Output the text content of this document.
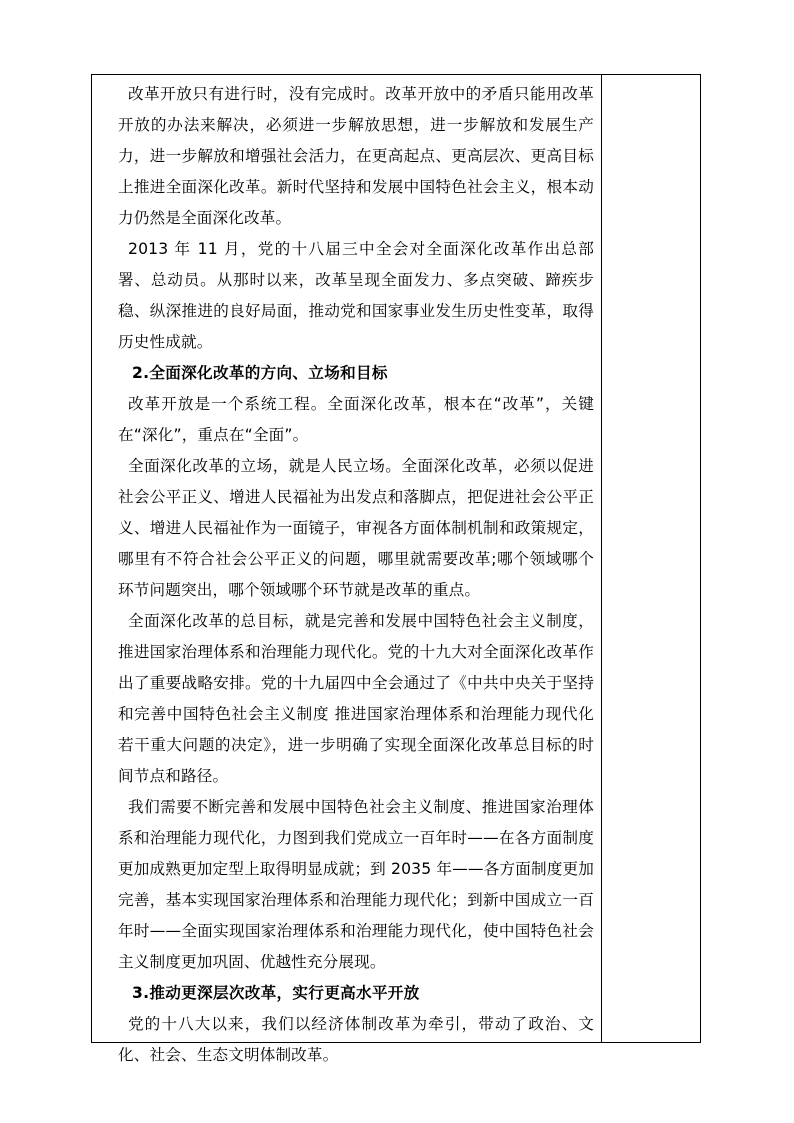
改革开放只有进行时，没有完成时。改革开放中的矛盾只能用改革开放的办法来解决，必须进一步解放思想，进一步解放和发展生产力，进一步解放和增强社会活力，在更高起点、更高层次、更高目标上推进全面深化改革。新时代坚持和发展中国特色社会主义，根本动力仍然是全面深化改革。

2013 年 11 月，党的十八届三中全会对全面深化改革作出总部署、总动员。从那时以来，改革呈现全面发力、多点突破、蹄疾步稳、纵深推进的良好局面，推动党和国家事业发生历史性变革，取得历史性成就。

2.全面深化改革的方向、立场和目标

改革开放是一个系统工程。全面深化改革，根本在“改革”，关键在“深化”，重点在“全面”。

全面深化改革的立场，就是人民立场。全面深化改革，必须以促进社会公平正义、增进人民福祉为出发点和落脚点，把促进社会公平正义、增进人民福祉作为一面镜子，审视各方面体制机制和政策规定，哪里有不符合社会公平正义的问题，哪里就需要改革;哪个领域哪个环节问题突出，哪个领域哪个环节就是改革的重点。

全面深化改革的总目标，就是完善和发展中国特色社会主义制度，推进国家治理体系和治理能力现代化。党的十九大对全面深化改革作出了重要战略安排。党的十九届四中全会通过了《中共中央关于坚持和完善中国特色社会主义制度 推进国家治理体系和治理能力现代化若干重大问题的决定》，进一步明确了实现全面深化改革总目标的时间节点和路径。

我们需要不断完善和发展中国特色社会主义制度、推进国家治理体系和治理能力现代化，力图到我们党成立一百年时——在各方面制度更加成熟更加定型上取得明显成就；到 2035 年——各方面制度更加完善，基本实现国家治理体系和治理能力现代化；到新中国成立一百年时——全面实现国家治理体系和治理能力现代化，使中国特色社会主义制度更加巩固、优越性充分展现。

3.推动更深层次改革，实行更高水平开放

党的十八大以来，我们以经济体制改革为牵引，带动了政治、文化、社会、生态文明体制改革。
